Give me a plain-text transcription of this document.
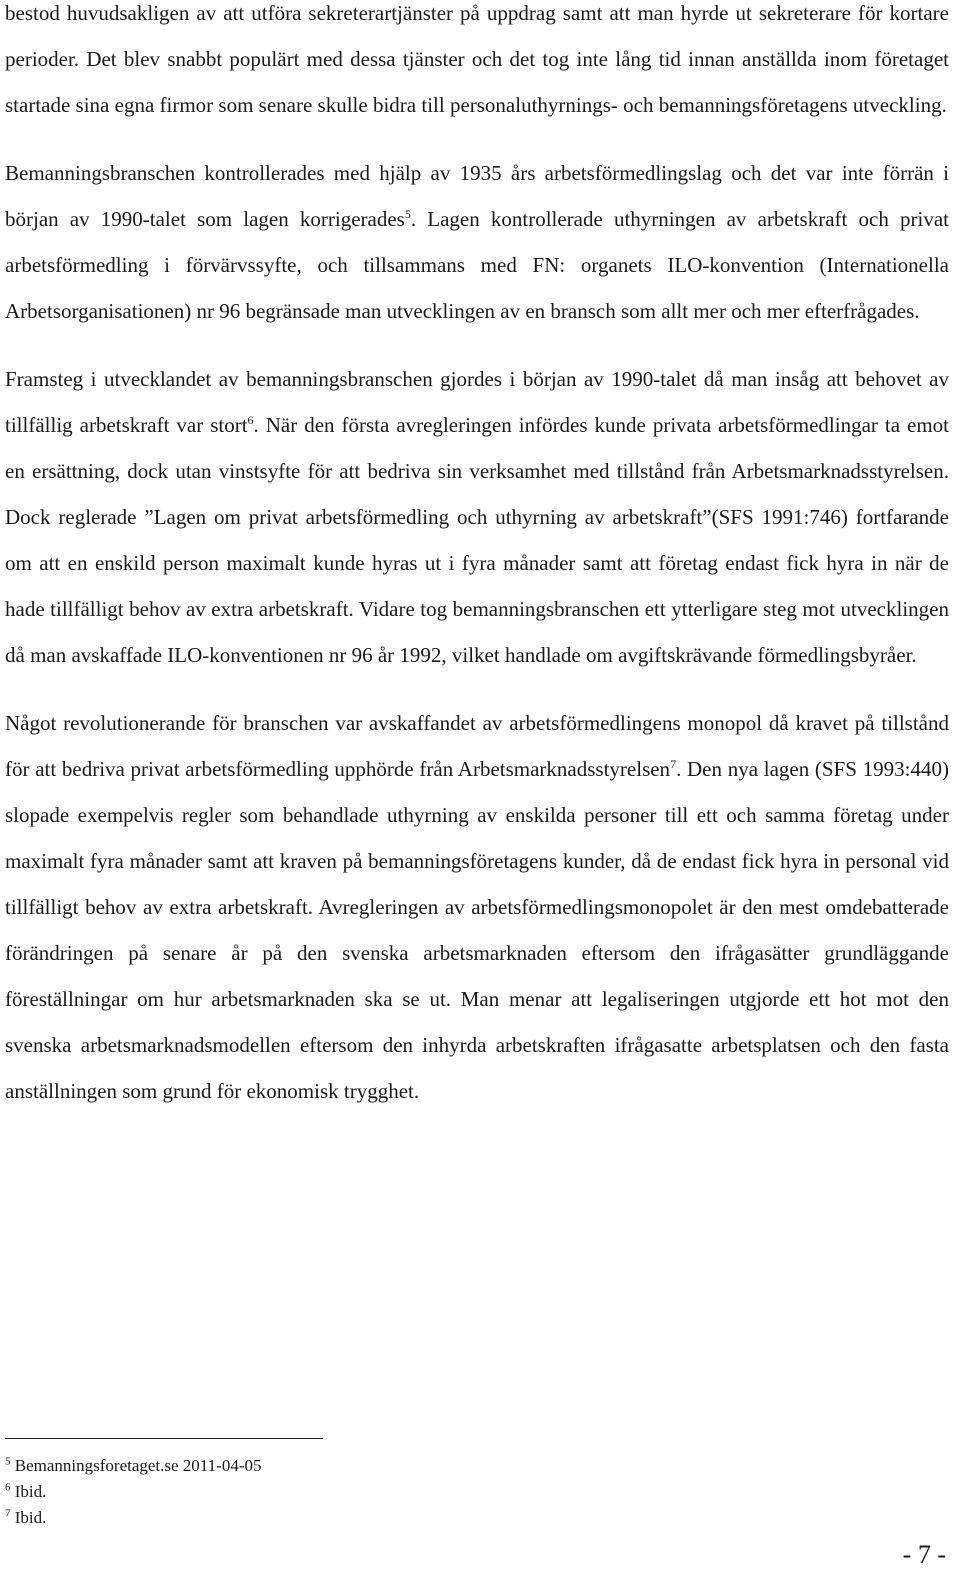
bestod huvudsakligen av att utföra sekreterartjänster på uppdrag samt att man hyrde ut sekreterare för kortare perioder. Det blev snabbt populärt med dessa tjänster och det tog inte lång tid innan anställda inom företaget startade sina egna firmor som senare skulle bidra till personaluthyrnings- och bemanningsföretagens utveckling.

Bemanningsbranschen kontrollerades med hjälp av 1935 års arbetsförmedlingslag och det var inte förrän i början av 1990-talet som lagen korrigerades$^5$. Lagen kontrollerade uthyrningen av arbetskraft och privat arbetsförmedling i förvärvssyfte, och tillsammans med FN: organets ILO-konvention (Internationella Arbetsorganisationen) nr 96 begränsade man utvecklingen av en bransch som allt mer och mer efterfrågades.

Framsteg i utvecklandet av bemanningsbranschen gjordes i början av 1990-talet då man insåg att behovet av tillfällig arbetskraft var stort$^6$. När den första avregleringen infördes kunde privata arbetsförmedlingar ta emot en ersättning, dock utan vinstsyfte för att bedriva sin verksamhet med tillstånd från Arbetsmarknadsstyrelsen. Dock reglerade ”Lagen om privat arbetsförmedling och uthyrning av arbetskraft”(SFS 1991:746) fortfarande om att en enskild person maximalt kunde hyras ut i fyra månader samt att företag endast fick hyra in när de hade tillfälligt behov av extra arbetskraft. Vidare tog bemanningsbranschen ett ytterligare steg mot utvecklingen då man avskaffade ILO-konventionen nr 96 år 1992, vilket handlade om avgiftskrävande förmedlingsbyråer.

Något revolutionerande för branschen var avskaffandet av arbetsförmedlingens monopol då kravet på tillstånd för att bedriva privat arbetsförmedling upphörde från Arbetsmarknadsstyrelsen$^7$. Den nya lagen (SFS 1993:440) slopade exempelvis regler som behandlade uthyrning av enskilda personer till ett och samma företag under maximalt fyra månader samt att kraven på bemanningsföretagens kunder, då de endast fick hyra in personal vid tillfälligt behov av extra arbetskraft. Avregleringen av arbetsförmedlingsmonopolet är den mest omdebatterade förändringen på senare år på den svenska arbetsmarknaden eftersom den ifrågasätter grundläggande föreställningar om hur arbetsmarknaden ska se ut. Man menar att legaliseringen utgjorde ett hot mot den svenska arbetsmarknadsmodellen eftersom den inhyrda arbetskraften ifrågasatte arbetsplatsen och den fasta anställningen som grund för ekonomisk trygghet.

$^5$ Bemanningsforetaget.se 2011-04-05

$^6$ Ibid.

$^7$ Ibid.

- 7 -
